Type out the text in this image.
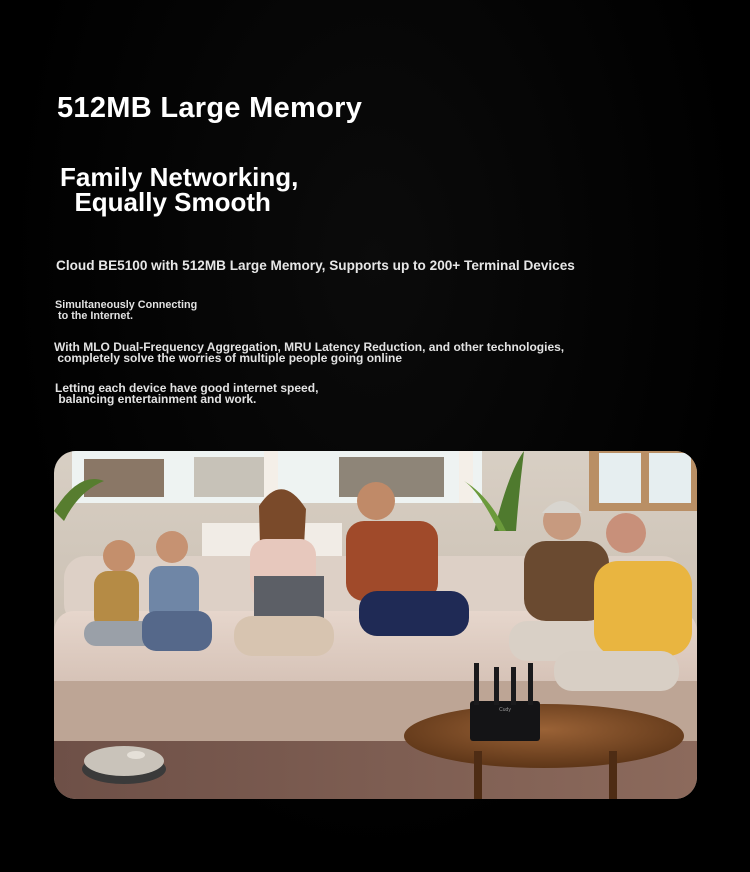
512MB Large Memory
Family Networking,
Equally Smooth
Cloud BE5100 with 512MB Large Memory, Supports up to 200+ Terminal Devices
Simultaneously Connecting
to the Internet.
With MLO Dual-Frequency Aggregation, MRU Latency Reduction, and other technologies,
completely solve the worries of multiple people going online
Letting each device have good internet speed,
balancing entertainment and work.
Cudy
